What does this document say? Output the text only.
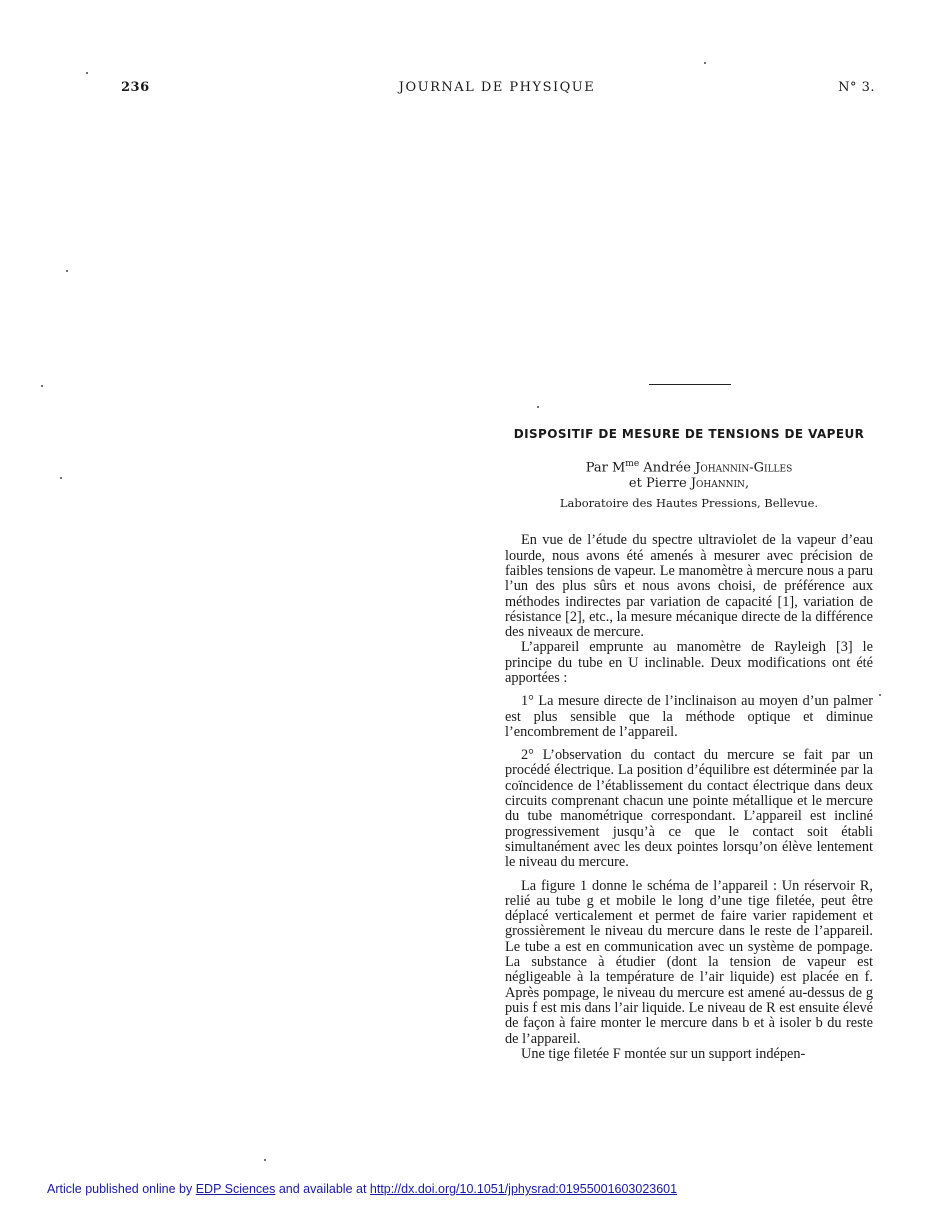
236	JOURNAL DE PHYSIQUE	N° 3.
DISPOSITIF DE MESURE DE TENSIONS DE VAPEUR

Par $M^{me}$ Andrée Johannin-Gilles

et Pierre Johannin,

Laboratoire des Hautes Pressions, Bellevue.

En vue de l’étude du spectre ultraviolet de la vapeur d’eau lourde, nous avons été amenés à mesurer avec précision de faibles tensions de vapeur. Le manomètre à mercure nous a paru l’un des plus sûrs et nous avons choisi, de préférence aux méthodes indirectes par variation de capacité [1], variation de résistance [2], etc., la mesure mécanique directe de la différence des niveaux de mercure.

L’appareil emprunte au manomètre de Rayleigh [3] le principe du tube en U inclinable. Deux modifications ont été apportées :

1° La mesure directe de l’inclinaison au moyen d’un palmer est plus sensible que la méthode optique et diminue l’encombrement de l’appareil.

2° L’observation du contact du mercure se fait par un procédé électrique. La position d’équilibre est déterminée par la coïncidence de l’établissement du contact électrique dans deux circuits comprenant chacun une pointe métallique et le mercure du tube manométrique correspondant. L’appareil est incliné progressivement jusqu’à ce que le contact soit établi simultanément avec les deux pointes lorsqu’on élève lentement le niveau du mercure.

La figure 1 donne le schéma de l’appareil : Un réservoir R, relié au tube g et mobile le long d’une tige filetée, peut être déplacé verticalement et permet de faire varier rapidement et grossièrement le niveau du mercure dans le reste de l’appareil. Le tube a est en communication avec un système de pompage. La substance à étudier (dont la tension de vapeur est négligeable à la température de l’air liquide) est placée en f. Après pompage, le niveau du mercure est amené au-dessus de g puis f est mis dans l’air liquide. Le niveau de R est ensuite élevé de façon à faire monter le mercure dans b et à isoler b du reste de l’appareil.

Une tige filetée F montée sur un support indépen-

Article published online by EDP Sciences and available at http://dx.doi.org/10.1051/jphysrad:01955001603023601
